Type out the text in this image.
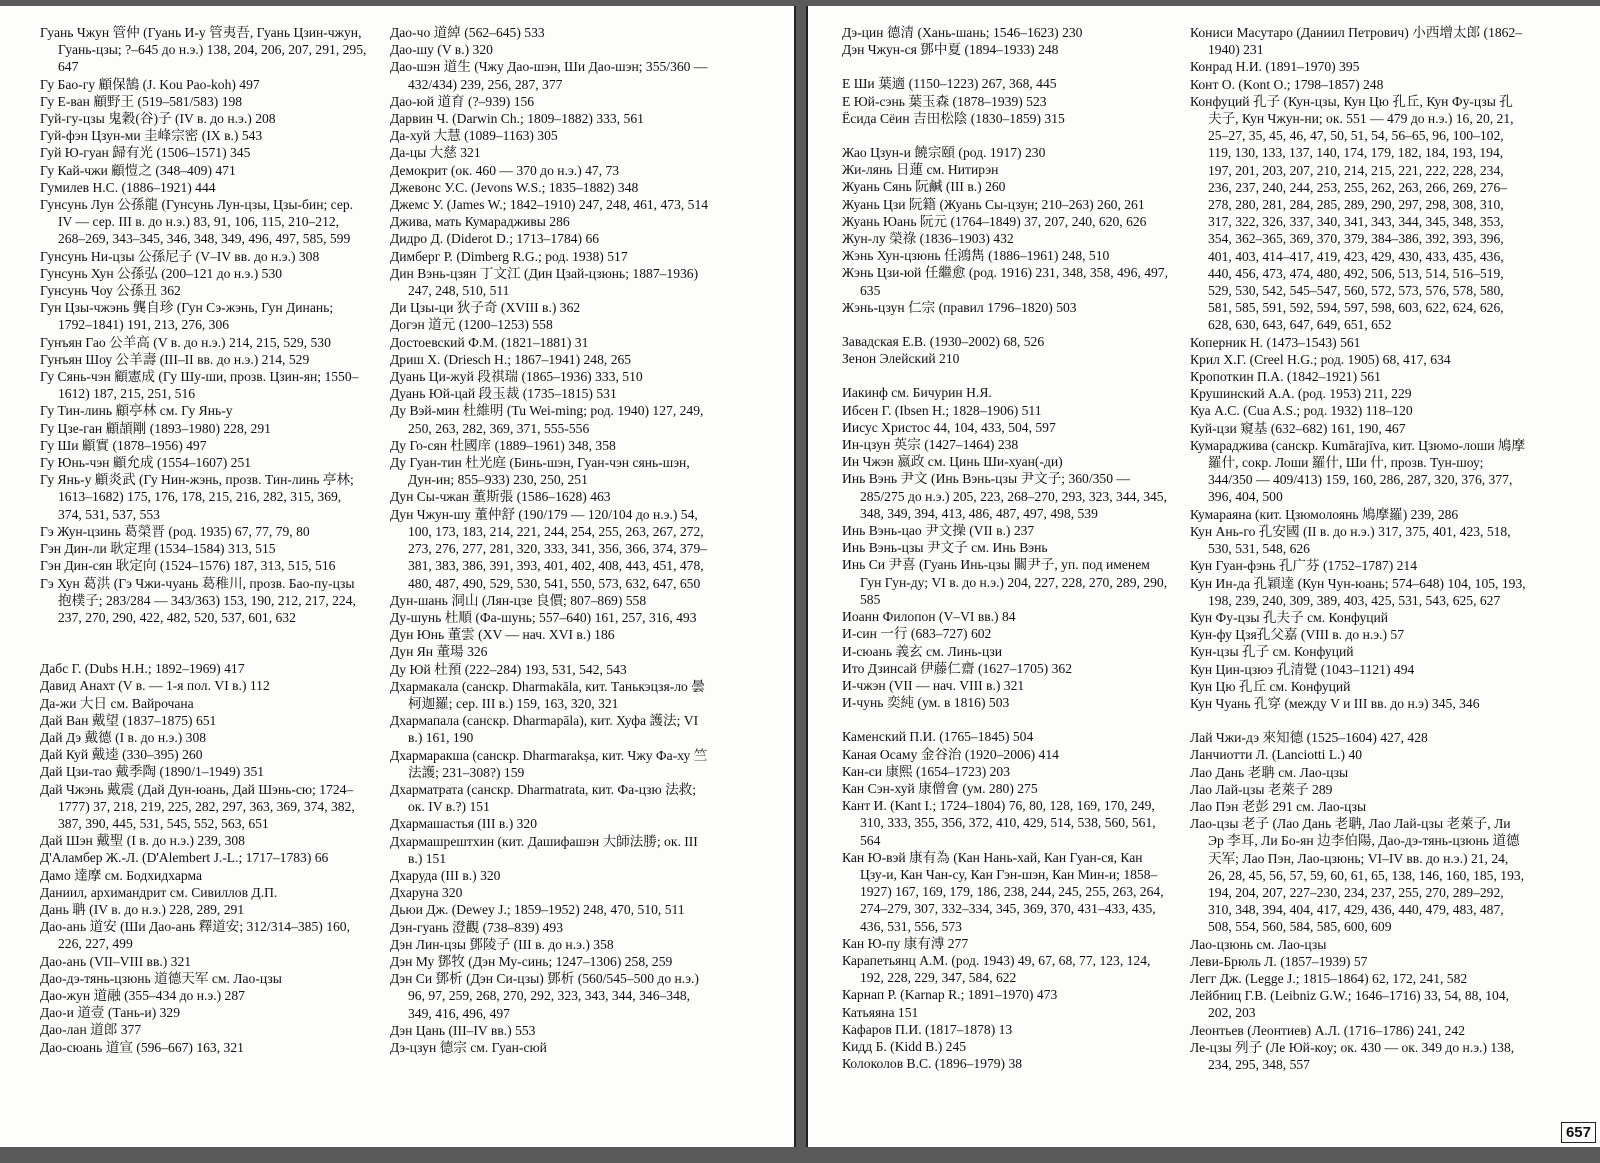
Гуань Чжун 管仲 (Гуань И-у 管夷吾, Гуань Цзин-чжун, Гуань-цзы; ?–645 до н.э.) 138, 204, 206, 207, 291, 295, 647
Гу Бао-гу 顧保鵠 (J. Kou Pao-koh) 497
Гу Е-ван 顧野王 (519–581/583) 198
Гуй-гу-цзы 鬼穀(谷)子 (IV в. до н.э.) 208
Гуй-фэн Цзун-ми 圭峰宗密 (IX в.) 543
Гуй Ю-гуан 歸有光 (1506–1571) 345
Гу Кай-чжи 顧愷之 (348–409) 471
Гумилев Н.С. (1886–1921) 444
Гунсунь Лун 公孫龍 (Гунсунь Лун-цзы, Цзы-бин; сер. IV — сер. III в. до н.э.) 83, 91, 106, 115, 210–212, 268–269, 343–345, 346, 348, 349, 496, 497, 585, 599
Гунсунь Ни-цзы 公孫尼子 (V–IV вв. до н.э.) 308
Гунсунь Хун 公孫弘 (200–121 до н.э.) 530
Гунсунь Чоу 公孫丑 362
Гун Цзы-чжэнь 龔自珍 (Гун Сэ-жэнь, Гун Динань; 1792–1841) 191, 213, 276, 306
Гунъян Гао 公羊高 (V в. до н.э.) 214, 215, 529, 530
Гунъян Шоу 公羊壽 (III–II вв. до н.э.) 214, 529
Гу Сянь-чэн 顧憲成 (Гу Шу-ши, прозв. Цзин-ян; 1550–1612) 187, 215, 251, 516
Гу Тин-линь 顧亭林 см. Гу Янь-у
Гу Цзе-ган 顧頡剛 (1893–1980) 228, 291
Гу Ши 顧實 (1878–1956) 497
Гу Юнь-чэн 顧允成 (1554–1607) 251
Гу Янь-у 顧炎武 (Гу Нин-жэнь, прозв. Тин-линь 亭林; 1613–1682) 175, 176, 178, 215, 216, 282, 315, 369, 374, 531, 537, 553
Гэ Жун-цзинь 葛榮晋 (род. 1935) 67, 77, 79, 80
Гэн Дин-ли 耿定理 (1534–1584) 313, 515
Гэн Дин-сян 耿定向 (1524–1576) 187, 313, 515, 516
Гэ Хун 葛洪 (Гэ Чжи-чуань 葛稚川, прозв. Бао-пу-цзы 抱樸子; 283/284 — 343/363) 153, 190, 212, 217, 224, 237, 270, 290, 422, 482, 520, 537, 601, 632
Дабс Г. (Dubs H.H.; 1892–1969) 417
Давид Анахт (V в. — 1-я пол. VI в.) 112
Да-жи 大日 см. Вайрочана
Дай Ван 戴望 (1837–1875) 651
Дай Дэ 戴德 (I в. до н.э.) 308
Дай Куй 戴逵 (330–395) 260
Дай Цзи-тао 戴季陶 (1890/1–1949) 351
Дай Чжэнь 戴震 (Дай Дун-юань, Дай Шэнь-сю; 1724–1777) 37, 218, 219, 225, 282, 297, 363, 369, 374, 382, 387, 390, 445, 531, 545, 552, 563, 651
Дай Шэн 戴聖 (I в. до н.э.) 239, 308
Д'Аламбер Ж.-Л. (D'Alembert J.-L.; 1717–1783) 66
Дамо 達摩 см. Бодхидхарма
Даниил, архимандрит см. Сивиллов Д.П.
Дань 聃 (IV в. до н.э.) 228, 289, 291
Дао-ань 道安 (Ши Дао-ань 釋道安; 312/314–385) 160, 226, 227, 499
Дао-ань (VII–VIII вв.) 321
Дао-дэ-тянь-цзюнь 道德天军 см. Лао-цзы
Дао-жун 道融 (355–434 до н.э.) 287
Дао-и 道壹 (Тань-и) 329
Дао-лан 道郎 377
Дао-сюань 道宣 (596–667) 163, 321
Дао-чо 道綽 (562–645) 533
Дао-шу (V в.) 320
Дао-шэн 道生 (Чжу Дао-шэн, Ши Дао-шэн; 355/360 — 432/434) 239, 256, 287, 377
Дао-юй 道育 (?–939) 156
Дарвин Ч. (Darwin Ch.; 1809–1882) 333, 561
Да-хуй 大慧 (1089–1163) 305
Да-цы 大慈 321
Демокрит (ок. 460 — 370 до н.э.) 47, 73
Джевонс У.С. (Jevons W.S.; 1835–1882) 348
Джемс У. (James W.; 1842–1910) 247, 248, 461, 473, 514
Джива, мать Кумарадживы 286
Дидро Д. (Diderot D.; 1713–1784) 66
Димберг Р. (Dimberg R.G.; род. 1938) 517
Дин Вэнь-цзян 丁文江 (Дин Цзай-цзюнь; 1887–1936) 247, 248, 510, 511
Ди Цзы-ци 狄子奇 (XVIII в.) 362
Догэн 道元 (1200–1253) 558
Достоевский Ф.М. (1821–1881) 31
Дриш Х. (Driesch H.; 1867–1941) 248, 265
Дуань Ци-жуй 段祺瑞 (1865–1936) 333, 510
Дуань Юй-цай 段玉裁 (1735–1815) 531
Ду Вэй-мин 杜維明 (Tu Wei-ming; род. 1940) 127, 249, 250, 263, 282, 369, 371, 555-556
Ду Го-сян 杜國庠 (1889–1961) 348, 358
Ду Гуан-тин 杜光庭 (Бинь-шэн, Гуан-чэн сянь-шэн, Дун-ин; 855–933) 230, 250, 251
Дун Сы-чжан 董斯張 (1586–1628) 463
Дун Чжун-шу 董仲舒 (190/179 — 120/104 до н.э.) 54, 100, 173, 183, 214, 221, 244, 254, 255, 263, 267, 272, 273, 276, 277, 281, 320, 333, 341, 356, 366, 374, 379–381, 383, 386, 391, 393, 401, 402, 408, 443, 451, 478, 480, 487, 490, 529, 530, 541, 550, 573, 632, 647, 650
Дун-шань 洞山 (Лян-цзе 良價; 807–869) 558
Ду-шунь 杜順 (Фа-шунь; 557–640) 161, 257, 316, 493
Дун Юнь 董雲 (XV — нач. XVI в.) 186
Дун Ян 董瑒 326
Ду Юй 杜預 (222–284) 193, 531, 542, 543
Дхармакала (санскр. Dharmakāla, кит. Танькэцзя-ло 曇柯迦羅; сер. III в.) 159, 163, 320, 321
Дхармапала (санскр. Dharmapāla), кит. Хуфа 護法; VI в.) 161, 190
Дхармаракша (санскр. Dharmarakṣa, кит. Чжу Фа-ху 竺法護; 231–308?) 159
Дхарматрата (санскр. Dharmatrata, кит. Фа-цзю 法救; ок. IV в.?) 151
Дхармашастья (III в.) 320
Дхармашрештхин (кит. Дашифашэн 大師法勝; ок. III в.) 151
Дхаруда (III в.) 320
Дхаруна 320
Дьюи Дж. (Dewey J.; 1859–1952) 248, 470, 510, 511
Дэн-гуань 澄觀 (738–839) 493
Дэн Лин-цзы 鄧陵子 (III в. до н.э.) 358
Дэн Му 鄧牧 (Дэн Му-синь; 1247–1306) 258, 259
Дэн Си 鄧析 (Дэн Си-цзы) 鄧析 (560/545–500 до н.э.) 96, 97, 259, 268, 270, 292, 323, 343, 344, 346–348, 349, 416, 496, 497
Дэн Цань (III–IV вв.) 553
Дэ-цзун 德宗 см. Гуан-сюй
Дэ-цин 德清 (Хань-шань; 1546–1623) 230
Дэн Чжун-ся 鄧中夏 (1894–1933) 248
Е Ши 葉適 (1150–1223) 267, 368, 445
Е Юй-сэнь 葉玉森 (1878–1939) 523
Ёсида Сёин 吉田松陰 (1830–1859) 315
Жао Цзун-и 饒宗頤 (род. 1917) 230
Жи-лянь 日蓮 см. Нитирэн
Жуань Сянь 阮鹹 (III в.) 260
Жуань Цзи 阮籍 (Жуань Сы-цзун; 210–263) 260, 261
Жуань Юань 阮元 (1764–1849) 37, 207, 240, 620, 626
Жун-лу 榮祿 (1836–1903) 432
Жэнь Хун-цзюнь 任鴻雋 (1886–1961) 248, 510
Жэнь Цзи-юй 任繼愈 (род. 1916) 231, 348, 358, 496, 497, 635
Жэнь-цзун 仁宗 (правил 1796–1820) 503
Завадская Е.В. (1930–2002) 68, 526
Зенон Элейский 210
Иакинф см. Бичурин Н.Я.
Ибсен Г. (Ibsen H.; 1828–1906) 511
Иисус Христос 44, 104, 433, 504, 597
Ин-цзун 英宗 (1427–1464) 238
Ин Чжэн 嬴政 см. Цинь Ши-хуан(-ди)
Инь Вэнь 尹文 (Инь Вэнь-цзы 尹文子; 360/350 — 285/275 до н.э.) 205, 223, 268–270, 293, 323, 344, 345, 348, 349, 394, 413, 486, 487, 497, 498, 539
Инь Вэнь-цао 尹文操 (VII в.) 237
Инь Вэнь-цзы 尹文子 см. Инь Вэнь
Инь Си 尹喜 (Гуань Инь-цзы 關尹子, уп. под именем Гун Гун-ду; VI в. до н.э.) 204, 227, 228, 270, 289, 290, 585
Иоанн Филопон (V–VI вв.) 84
И-син 一行 (683–727) 602
И-сюань 義玄 см. Линь-цзи
Ито Дзинсай 伊藤仁齋 (1627–1705) 362
И-чжэн (VII — нач. VIII в.) 321
И-чунь 奕純 (ум. в 1816) 503
Каменский П.И. (1765–1845) 504
Каная Осаму 金谷治 (1920–2006) 414
Кан-си 康熙 (1654–1723) 203
Кан Сэн-хуй 康僧會 (ум. 280) 275
Кант И. (Kant I.; 1724–1804) 76, 80, 128, 169, 170, 249, 310, 333, 355, 356, 372, 410, 429, 514, 538, 560, 561, 564
Кан Ю-вэй 康有為 (Кан Нань-хай, Кан Гуан-ся, Кан Цзу-и, Кан Чан-су, Кан Гэн-шэн, Кан Мин-и; 1858–1927) 167, 169, 179, 186, 238, 244, 245, 255, 263, 264, 274–279, 307, 332–334, 345, 369, 370, 431–433, 435, 436, 531, 556, 573
Кан Ю-пу 康有溥 277
Карапетьянц А.М. (род. 1943) 49, 67, 68, 77, 123, 124, 192, 228, 229, 347, 584, 622
Карнап Р. (Karnap R.; 1891–1970) 473
Катьяяна 151
Кафаров П.И. (1817–1878) 13
Кидд Б. (Kidd B.) 245
Колоколов В.С. (1896–1979) 38
Кониси Масутаро (Даниил Петрович) 小西增太郎 (1862–1940) 231
Конрад Н.И. (1891–1970) 395
Конт О. (Kont O.; 1798–1857) 248
Конфуций 孔子 (Кун-цзы, Кун Цю 孔丘, Кун Фу-цзы 孔夫子, Кун Чжун-ни; ок. 551 — 479 до н.э.) 16, 20, 21, 25–27, 35, 45, 46, 47, 50, 51, 54, 56–65, 96, 100–102, 119, 130, 133, 137, 140, 174, 179, 182, 184, 193, 194, 197, 201, 203, 207, 210, 214, 215, 221, 222, 228, 234, 236, 237, 240, 244, 253, 255, 262, 263, 266, 269, 276–278, 280, 281, 284, 285, 289, 290, 297, 298, 308, 310, 317, 322, 326, 337, 340, 341, 343, 344, 345, 348, 353, 354, 362–365, 369, 370, 379, 384–386, 392, 393, 396, 401, 403, 414–417, 419, 423, 429, 430, 433, 435, 436, 440, 456, 473, 474, 480, 492, 506, 513, 514, 516–519, 529, 530, 542, 545–547, 560, 572, 573, 576, 578, 580, 581, 585, 591, 592, 594, 597, 598, 603, 622, 624, 626, 628, 630, 643, 647, 649, 651, 652
Коперник Н. (1473–1543) 561
Крил Х.Г. (Creel H.G.; род. 1905) 68, 417, 634
Кропоткин П.А. (1842–1921) 561
Крушинский А.А. (род. 1953) 211, 229
Куа А.С. (Cua A.S.; род. 1932) 118–120
Куй-цзи 窺基 (632–682) 161, 190, 467
Кумараджива (санскр. Kumārajīva, кит. Цзюмо-лоши 鳩摩羅什, сокр. Лоши 羅什, Ши 什, прозв. Тун-шоу; 344/350 — 409/413) 159, 160, 286, 287, 320, 376, 377, 396, 404, 500
Кумараяна (кит. Цзюмолоянь 鳩摩羅) 239, 286
Кун Ань-го 孔安國 (II в. до н.э.) 317, 375, 401, 423, 518, 530, 531, 548, 626
Кун Гуан-фэнь 孔广芬 (1752–1787) 214
Кун Ин-да 孔穎達 (Кун Чун-юань; 574–648) 104, 105, 193, 198, 239, 240, 309, 389, 403, 425, 531, 543, 625, 627
Кун Фу-цзы 孔夫子 см. Конфуций
Кун-фу Цзя孔父嘉 (VIII в. до н.э.) 57
Кун-цзы 孔子 см. Конфуций
Кун Цин-цзюэ 孔清覺 (1043–1121) 494
Кун Цю 孔丘 см. Конфуций
Кун Чуань 孔穿 (между V и III вв. до н.э) 345, 346
Лай Чжи-дэ 來知德 (1525–1604) 427, 428
Ланчиотти Л. (Lanciotti L.) 40
Лао Дань 老聃 см. Лао-цзы
Лао Лай-цзы 老萊子 289
Лао Пэн 老彭 291 см. Лао-цзы
Лао-цзы 老子 (Лао Дань 老聃, Лао Лай-цзы 老萊子, Ли Эр 李耳, Ли Бо-ян 边李伯陽, Дао-дэ-тянь-цзюнь 道德天军; Лао Пэн, Лао-цзюнь; VI–IV вв. до н.э.) 21, 24, 26, 28, 45, 56, 57, 59, 60, 61, 65, 138, 146, 160, 185, 193, 194, 204, 207, 227–230, 234, 237, 255, 270, 289–292, 310, 348, 394, 404, 417, 429, 436, 440, 479, 483, 487, 508, 554, 560, 584, 585, 600, 609
Лао-цзюнь см. Лао-цзы
Леви-Брюль Л. (1857–1939) 57
Легг Дж. (Legge J.; 1815–1864) 62, 172, 241, 582
Лейбниц Г.В. (Leibniz G.W.; 1646–1716) 33, 54, 88, 104, 202, 203
Леонтьев (Леонтиев) А.Л. (1716–1786) 241, 242
Ле-цзы 列子 (Ле Юй-коу; ок. 430 — ок. 349 до н.э.) 138, 234, 295, 348, 557
657
